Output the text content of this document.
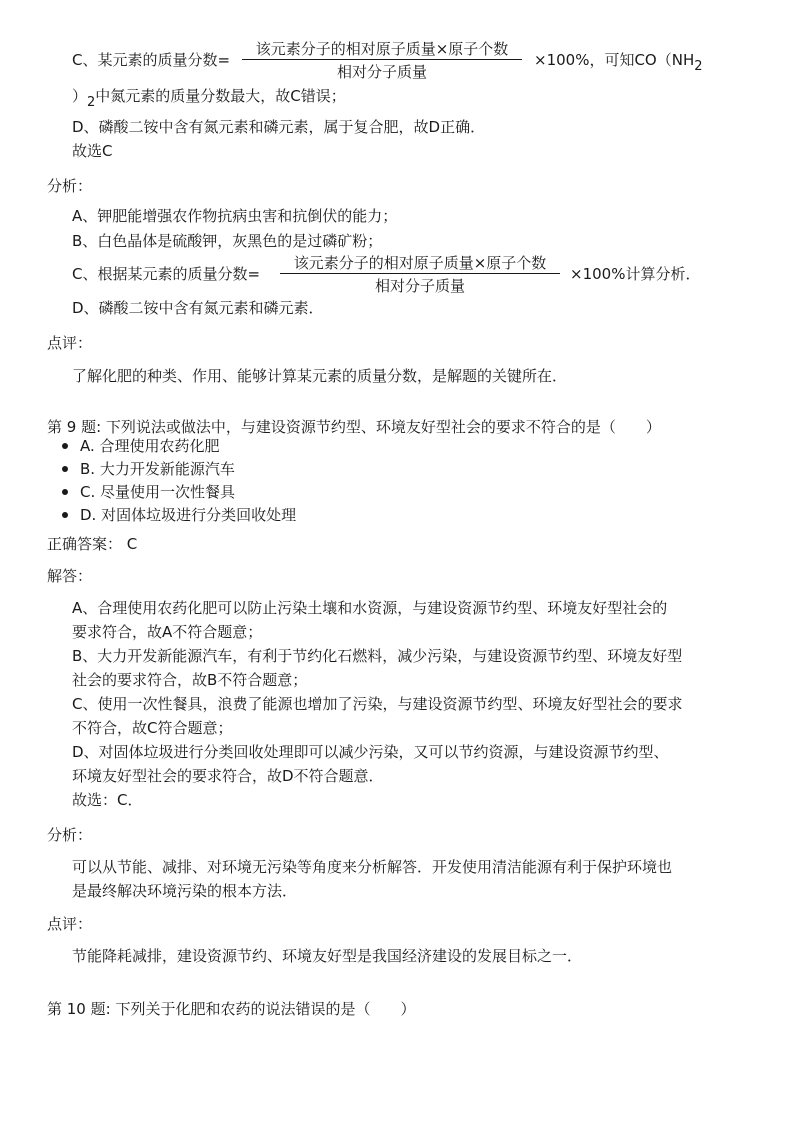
C、某元素的质量分数=
该元素分子的相对原子质量×原子个数
相对分子质量
×100%，可知CO（NH2
）2中氮元素的质量分数最大，故C错误；
D、磷酸二铵中含有氮元素和磷元素，属于复合肥，故D正确．
故选C
分析：
A、钾肥能增强农作物抗病虫害和抗倒伏的能力；
B、白色晶体是硫酸钾，灰黑色的是过磷矿粉；
C、根据某元素的质量分数=
该元素分子的相对原子质量×原子个数
相对分子质量
×100%计算分析．
D、磷酸二铵中含有氮元素和磷元素．
点评：
了解化肥的种类、作用、能够计算某元素的质量分数，是解题的关键所在．
第 9 题: 下列说法或做法中，与建设资源节约型、环境友好型社会的要求不符合的是（　　）
A. 合理使用农药化肥
B. 大力开发新能源汽车
C. 尽量使用一次性餐具
D. 对固体垃圾进行分类回收处理
正确答案： C
解答：
A、合理使用农药化肥可以防止污染土壤和水资源，与建设资源节约型、环境友好型社会的
要求符合，故A不符合题意；
B、大力开发新能源汽车，有利于节约化石燃料，减少污染，与建设资源节约型、环境友好型
社会的要求符合，故B不符合题意；
C、使用一次性餐具，浪费了能源也增加了污染，与建设资源节约型、环境友好型社会的要求
不符合，故C符合题意；
D、对固体垃圾进行分类回收处理即可以减少污染，又可以节约资源，与建设资源节约型、
环境友好型社会的要求符合，故D不符合题意．
故选：C．
分析：
可以从节能、减排、对环境无污染等角度来分析解答．开发使用清洁能源有利于保护环境也
是最终解决环境污染的根本方法．
点评：
节能降耗减排，建设资源节约、环境友好型是我国经济建设的发展目标之一．
第 10 题: 下列关于化肥和农药的说法错误的是（　　）
